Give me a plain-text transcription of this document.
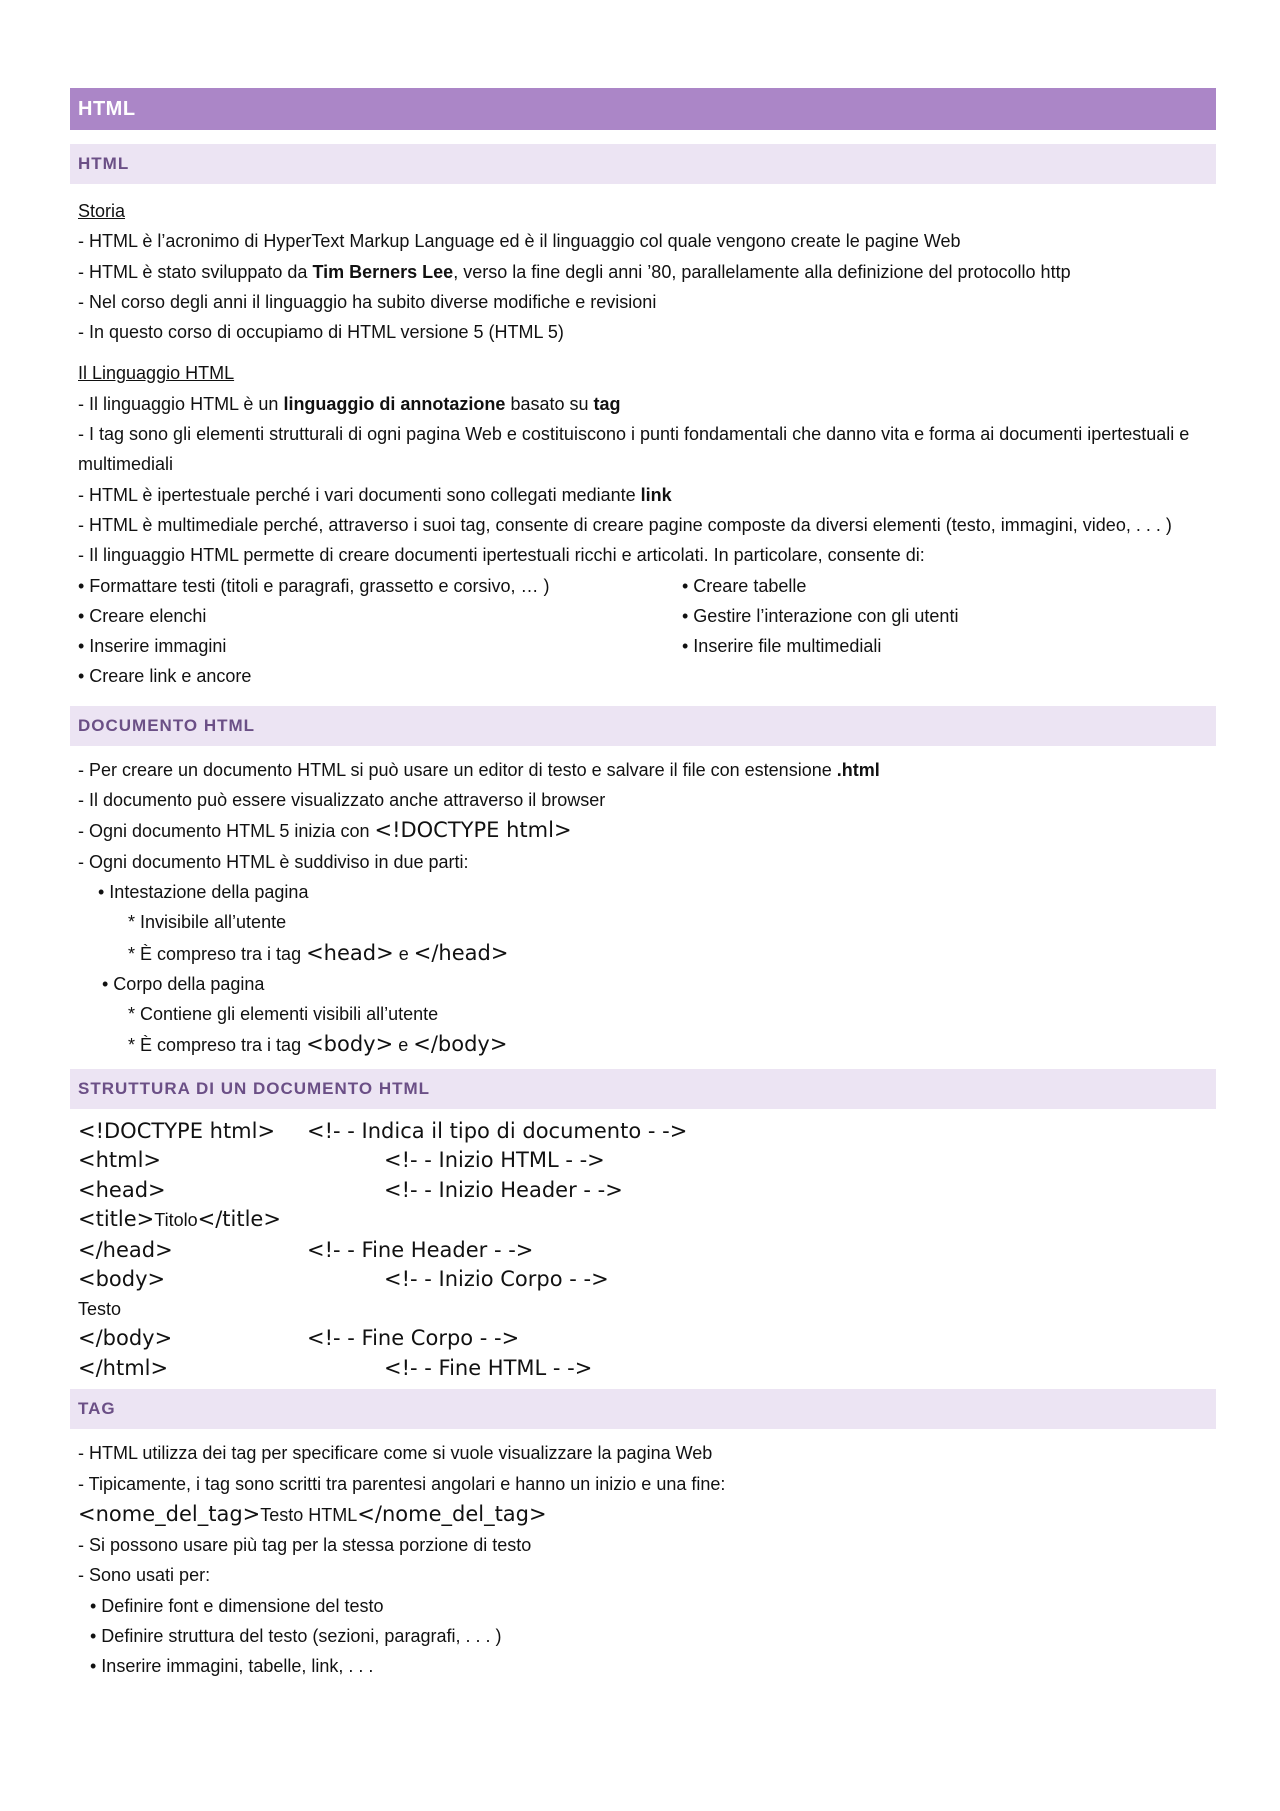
HTML
HTML
Storia
- HTML è l’acronimo di HyperText Markup Language ed è il linguaggio col quale vengono create le pagine Web
- HTML è stato sviluppato da Tim Berners Lee, verso la fine degli anni ’80, parallelamente alla definizione del protocollo http
- Nel corso degli anni il linguaggio ha subito diverse modifiche e revisioni
- In questo corso di occupiamo di HTML versione 5 (HTML 5)
Il Linguaggio HTML
- Il linguaggio HTML è un linguaggio di annotazione basato su tag
- I tag sono gli elementi strutturali di ogni pagina Web e costituiscono i punti fondamentali che danno vita e forma ai documenti ipertestuali e multimediali
- HTML è ipertestuale perché i vari documenti sono collegati mediante link
- HTML è multimediale perché, attraverso i suoi tag, consente di creare pagine composte da diversi elementi (testo, immagini, video, . . . )
- Il linguaggio HTML permette di creare documenti ipertestuali ricchi e articolati. In particolare, consente di:
• Formattare testi (titoli e paragrafi, grassetto e corsivo, … )
• Creare elenchi
• Inserire immagini
• Creare link e ancore
• Creare tabelle
• Gestire l’interazione con gli utenti
• Inserire file multimediali
DOCUMENTO HTML
- Per creare un documento HTML si può usare un editor di testo e salvare il file con estensione .html
- Il documento può essere visualizzato anche attraverso il browser
- Ogni documento HTML 5 inizia con <!DOCTYPE html>
- Ogni documento HTML è suddiviso in due parti:
• Intestazione della pagina
* Invisibile all’utente
* È compreso tra i tag <head> e </head>
• Corpo della pagina
* Contiene gli elementi visibili all’utente
* È compreso tra i tag <body> e </body>
STRUTTURA DI UN DOCUMENTO HTML
<!DOCTYPE html> <!- - Indica il tipo di documento - ->
<html>	<!- - Inizio HTML - ->
<head>	<!- - Inizio Header - ->
<title>Titolo</title>
</head>	<!- - Fine Header - ->
<body>	<!- - Inizio Corpo - ->
Testo
</body>	<!- - Fine Corpo - ->
</html>	<!- - Fine HTML - ->
TAG
- HTML utilizza dei tag per specificare come si vuole visualizzare la pagina Web
- Tipicamente, i tag sono scritti tra parentesi angolari e hanno un inizio e una fine:
<nome_del_tag>Testo HTML</nome_del_tag>
- Si possono usare più tag per la stessa porzione di testo
- Sono usati per:
• Definire font e dimensione del testo
• Definire struttura del testo (sezioni, paragrafi, . . . )
• Inserire immagini, tabelle, link, . . .
